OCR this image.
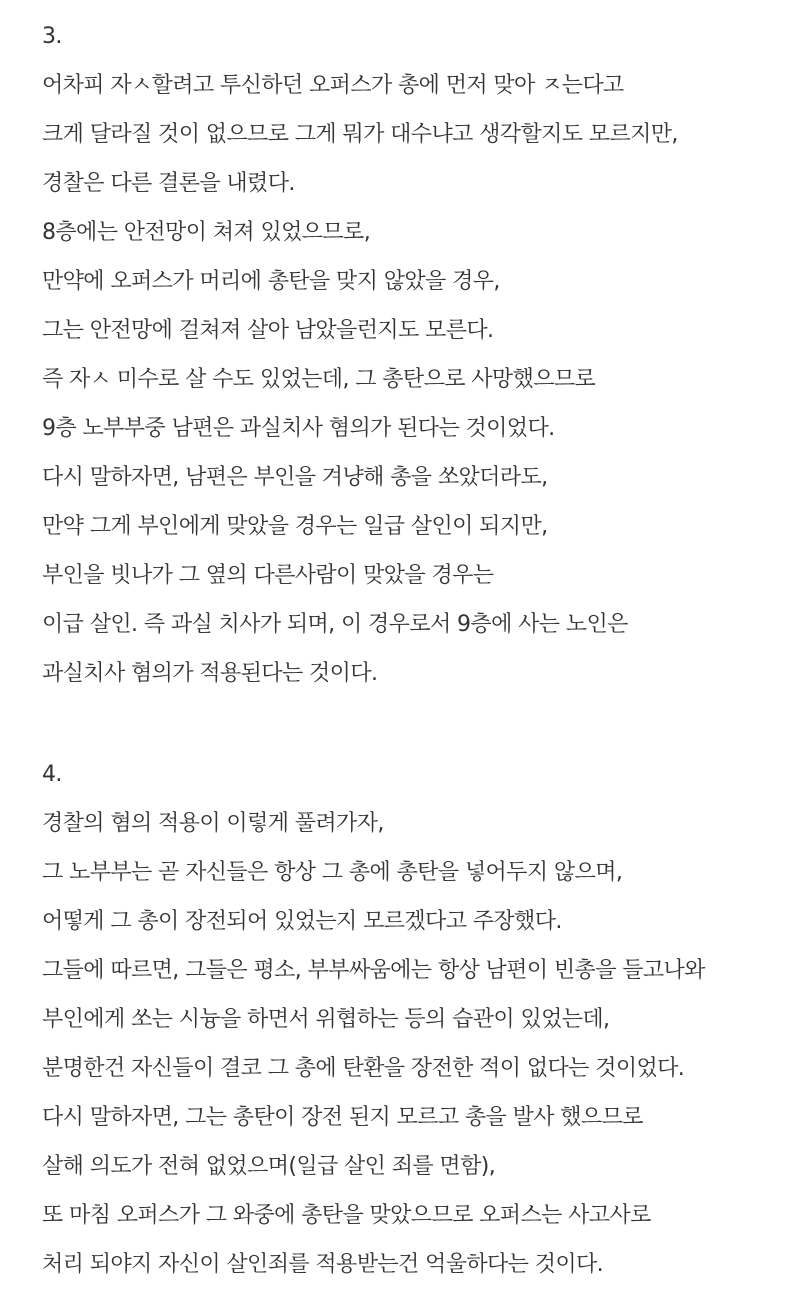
3.
어차피 자ㅅ할려고 투신하던 오퍼스가 총에 먼저 맞아 ㅈ는다고
크게 달라질 것이 없으므로 그게 뭐가 대수냐고 생각할지도 모르지만,
경찰은 다른 결론을 내렸다.
8층에는 안전망이 쳐져 있었으므로,
만약에 오퍼스가 머리에 총탄을 맞지 않았을 경우,
그는 안전망에 걸쳐져 살아 남았을런지도 모른다.
즉 자ㅅ 미수로 살 수도 있었는데, 그 총탄으로 사망했으므로
9층 노부부중 남편은 과실치사 혐의가 된다는 것이었다.
다시 말하자면, 남편은 부인을 겨냥해 총을 쏘았더라도,
만약 그게 부인에게 맞았을 경우는 일급 살인이 되지만,
부인을 빗나가 그 옆의 다른사람이 맞았을 경우는
이급 살인. 즉 과실 치사가 되며, 이 경우로서 9층에 사는 노인은
과실치사 혐의가 적용된다는 것이다.
4.
경찰의 혐의 적용이 이렇게 풀려가자,
그 노부부는 곧 자신들은 항상 그 총에 총탄을 넣어두지 않으며,
어떻게 그 총이 장전되어 있었는지 모르겠다고 주장했다.
그들에 따르면, 그들은 평소, 부부싸움에는 항상 남편이 빈총을 들고나와
부인에게 쏘는 시늉을 하면서 위협하는 등의 습관이 있었는데,
분명한건 자신들이 결코 그 총에 탄환을 장전한 적이 없다는 것이었다.
다시 말하자면, 그는 총탄이 장전 된지 모르고 총을 발사 했으므로
살해 의도가 전혀 없었으며(일급 살인 죄를 면함),
또 마침 오퍼스가 그 와중에 총탄을 맞았으므로 오퍼스는 사고사로
처리 되야지 자신이 살인죄를 적용받는건 억울하다는 것이다.
